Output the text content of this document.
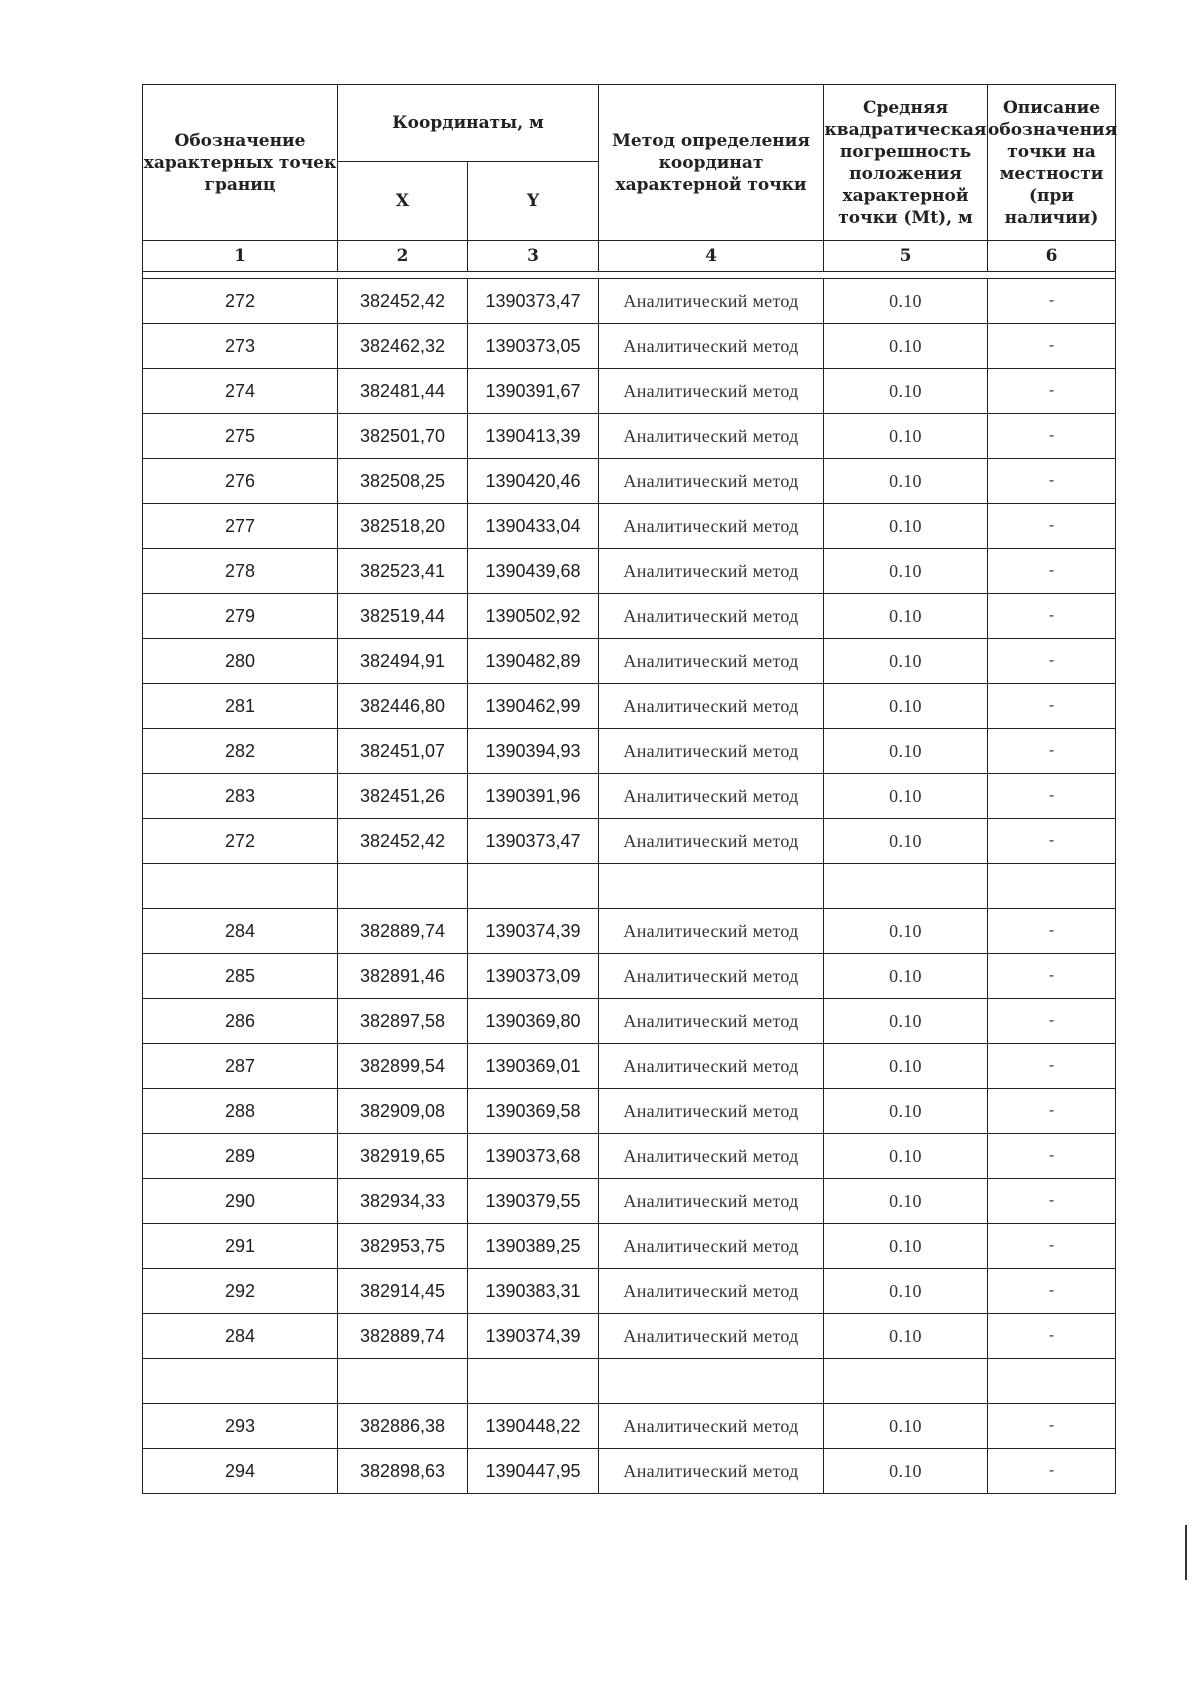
Обозначение характерных точек границ	Координаты, м		Метод определения координат характерной точки	Средняя квадратическая погрешность положения характерной точки (Mt), м	Описание обозначения точки на местности (при наличии)
	X	Y			
1	2	3	4	5	6

272	382452,42	1390373,47	Аналитический метод	0.10	-
273	382462,32	1390373,05	Аналитический метод	0.10	-
274	382481,44	1390391,67	Аналитический метод	0.10	-
275	382501,70	1390413,39	Аналитический метод	0.10	-
276	382508,25	1390420,46	Аналитический метод	0.10	-
277	382518,20	1390433,04	Аналитический метод	0.10	-
278	382523,41	1390439,68	Аналитический метод	0.10	-
279	382519,44	1390502,92	Аналитический метод	0.10	-
280	382494,91	1390482,89	Аналитический метод	0.10	-
281	382446,80	1390462,99	Аналитический метод	0.10	-
282	382451,07	1390394,93	Аналитический метод	0.10	-
283	382451,26	1390391,96	Аналитический метод	0.10	-
272	382452,42	1390373,47	Аналитический метод	0.10	-

284	382889,74	1390374,39	Аналитический метод	0.10	-
285	382891,46	1390373,09	Аналитический метод	0.10	-
286	382897,58	1390369,80	Аналитический метод	0.10	-
287	382899,54	1390369,01	Аналитический метод	0.10	-
288	382909,08	1390369,58	Аналитический метод	0.10	-
289	382919,65	1390373,68	Аналитический метод	0.10	-
290	382934,33	1390379,55	Аналитический метод	0.10	-
291	382953,75	1390389,25	Аналитический метод	0.10	-
292	382914,45	1390383,31	Аналитический метод	0.10	-
284	382889,74	1390374,39	Аналитический метод	0.10	-

293	382886,38	1390448,22	Аналитический метод	0.10	-
294	382898,63	1390447,95	Аналитический метод	0.10	-
